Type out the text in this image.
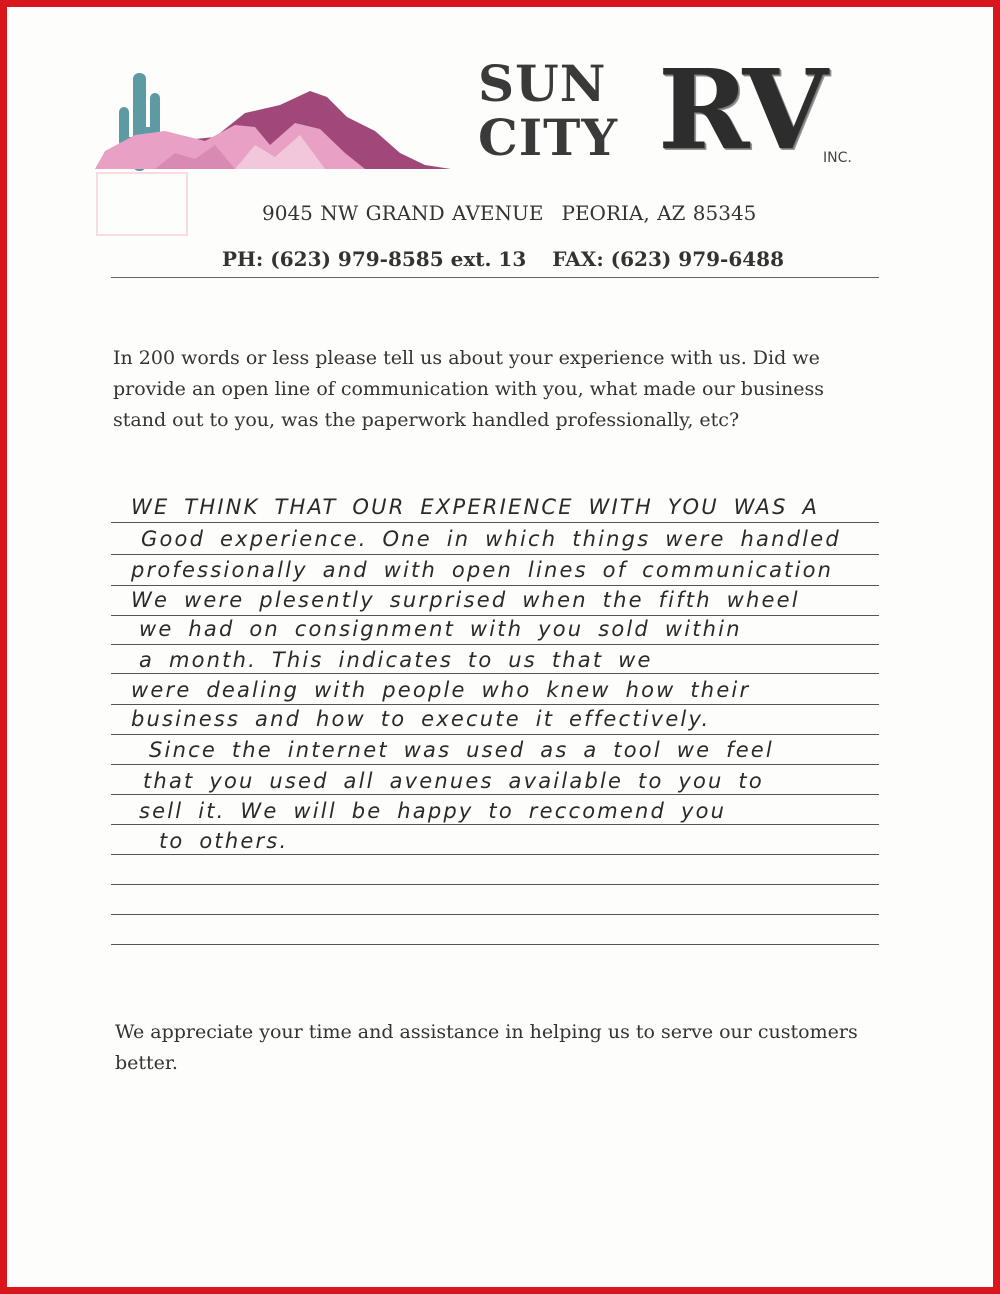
SUN
CITY RV
INC.
9045 NW GRAND AVENUE PEORIA, AZ 85345
PH: (623) 979-8585 ext. 13 FAX: (623) 979-6488
In 200 words or less please tell us about your experience with us. Did we
provide an open line of communication with you, what made our business
stand out to you, was the paperwork handled professionally, etc?
WE THINK THAT OUR EXPERIENCE WITH YOU WAS A
Good experience. One in which things were handled
professionally and with open lines of communication
We were plesently surprised when the fifth wheel
we had on consignment with you sold within
a month. This indicates to us that we
were dealing with people who knew how their
business and how to execute it effectively.
Since the internet was used as a tool we feel
that you used all avenues available to you to
sell it. We will be happy to reccomend you
to others.
We appreciate your time and assistance in helping us to serve our customers
better.
